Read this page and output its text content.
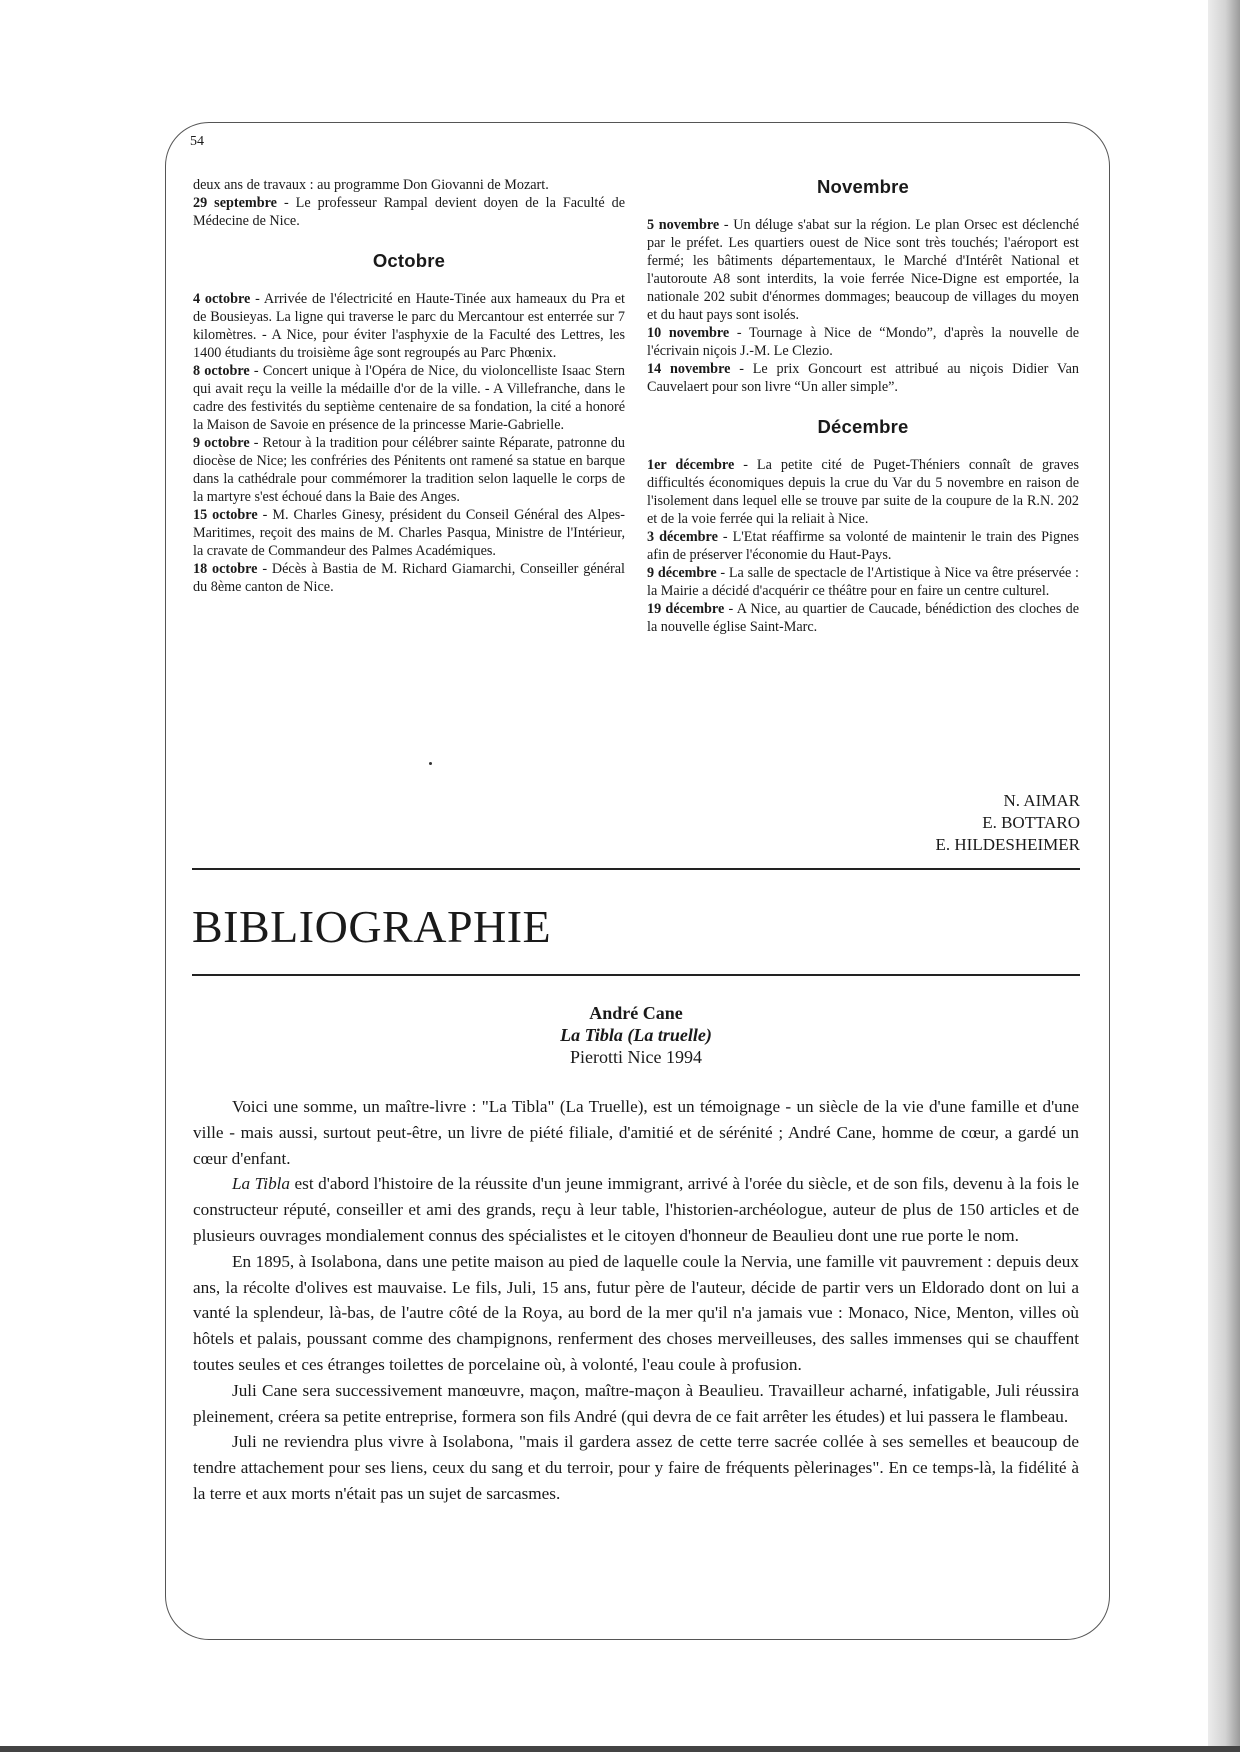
54

deux ans de travaux : au programme Don Giovanni de Mozart.

29 septembre - Le professeur Rampal devient doyen de la Faculté de Médecine de Nice.

Octobre

4 octobre - Arrivée de l'électricité en Haute-Tinée aux hameaux du Pra et de Bousieyas. La ligne qui traverse le parc du Mercantour est enterrée sur 7 kilomètres. - A Nice, pour éviter l'asphyxie de la Faculté des Lettres, les 1400 étudiants du troisième âge sont regroupés au Parc Phœnix.

8 octobre - Concert unique à l'Opéra de Nice, du violoncelliste Isaac Stern qui avait reçu la veille la médaille d'or de la ville. - A Villefranche, dans le cadre des festivités du septième centenaire de sa fondation, la cité a honoré la Maison de Savoie en présence de la princesse Marie-Gabrielle.

9 octobre - Retour à la tradition pour célébrer sainte Réparate, patronne du diocèse de Nice; les confréries des Pénitents ont ramené sa statue en barque dans la cathédrale pour commémorer la tradition selon laquelle le corps de la martyre s'est échoué dans la Baie des Anges.

15 octobre - M. Charles Ginesy, président du Conseil Général des Alpes-Maritimes, reçoit des mains de M. Charles Pasqua, Ministre de l'Intérieur, la cravate de Commandeur des Palmes Académiques.

18 octobre - Décès à Bastia de M. Richard Giamarchi, Conseiller général du 8ème canton de Nice.

Novembre

5 novembre - Un déluge s'abat sur la région. Le plan Orsec est déclenché par le préfet. Les quartiers ouest de Nice sont très touchés; l'aéroport est fermé; les bâtiments départementaux, le Marché d'Intérêt National et l'autoroute A8 sont interdits, la voie ferrée Nice-Digne est emportée, la nationale 202 subit d'énormes dommages; beaucoup de villages du moyen et du haut pays sont isolés.

10 novembre - Tournage à Nice de “Mondo”, d'après la nouvelle de l'écrivain niçois J.-M. Le Clezio.

14 novembre - Le prix Goncourt est attribué au niçois Didier Van Cauvelaert pour son livre “Un aller simple”.

Décembre

1er décembre - La petite cité de Puget-Théniers connaît de graves difficultés économiques depuis la crue du Var du 5 novembre en raison de l'isolement dans lequel elle se trouve par suite de la coupure de la R.N. 202 et de la voie ferrée qui la reliait à Nice.

3 décembre - L'Etat réaffirme sa volonté de maintenir le train des Pignes afin de préserver l'économie du Haut-Pays.

9 décembre - La salle de spectacle de l'Artistique à Nice va être préservée : la Mairie a décidé d'acquérir ce théâtre pour en faire un centre culturel.

19 décembre - A Nice, au quartier de Caucade, bénédiction des cloches de la nouvelle église Saint-Marc.

N. AIMAR
E. BOTTARO
E. HILDESHEIMER
BIBLIOGRAPHIE
André Cane
La Tibla (La truelle)
Pierotti Nice 1994

Voici une somme, un maître-livre : "La Tibla" (La Truelle), est un témoignage - un siècle de la vie d'une famille et d'une ville - mais aussi, surtout peut-être, un livre de piété filiale, d'amitié et de sérénité ; André Cane, homme de cœur, a gardé un cœur d'enfant.

La Tibla est d'abord l'histoire de la réussite d'un jeune immigrant, arrivé à l'orée du siècle, et de son fils, devenu à la fois le constructeur réputé, conseiller et ami des grands, reçu à leur table, l'historien-archéologue, auteur de plus de 150 articles et de plusieurs ouvrages mondialement connus des spécialistes et le citoyen d'honneur de Beaulieu dont une rue porte le nom.

En 1895, à Isolabona, dans une petite maison au pied de laquelle coule la Nervia, une famille vit pauvrement : depuis deux ans, la récolte d'olives est mauvaise. Le fils, Juli, 15 ans, futur père de l'auteur, décide de partir vers un Eldorado dont on lui a vanté la splendeur, là-bas, de l'autre côté de la Roya, au bord de la mer qu'il n'a jamais vue : Monaco, Nice, Menton, villes où hôtels et palais, poussant comme des champignons, renferment des choses merveilleuses, des salles immenses qui se chauffent toutes seules et ces étranges toilettes de porcelaine où, à volonté, l'eau coule à profusion.

Juli Cane sera successivement manœuvre, maçon, maître-maçon à Beaulieu. Travailleur acharné, infatigable, Juli réussira pleinement, créera sa petite entreprise, formera son fils André (qui devra de ce fait arrêter les études) et lui passera le flambeau.

Juli ne reviendra plus vivre à Isolabona, "mais il gardera assez de cette terre sacrée collée à ses semelles et beaucoup de tendre attachement pour ses liens, ceux du sang et du terroir, pour y faire de fréquents pèlerinages". En ce temps-là, la fidélité à la terre et aux morts n'était pas un sujet de sarcasmes.
